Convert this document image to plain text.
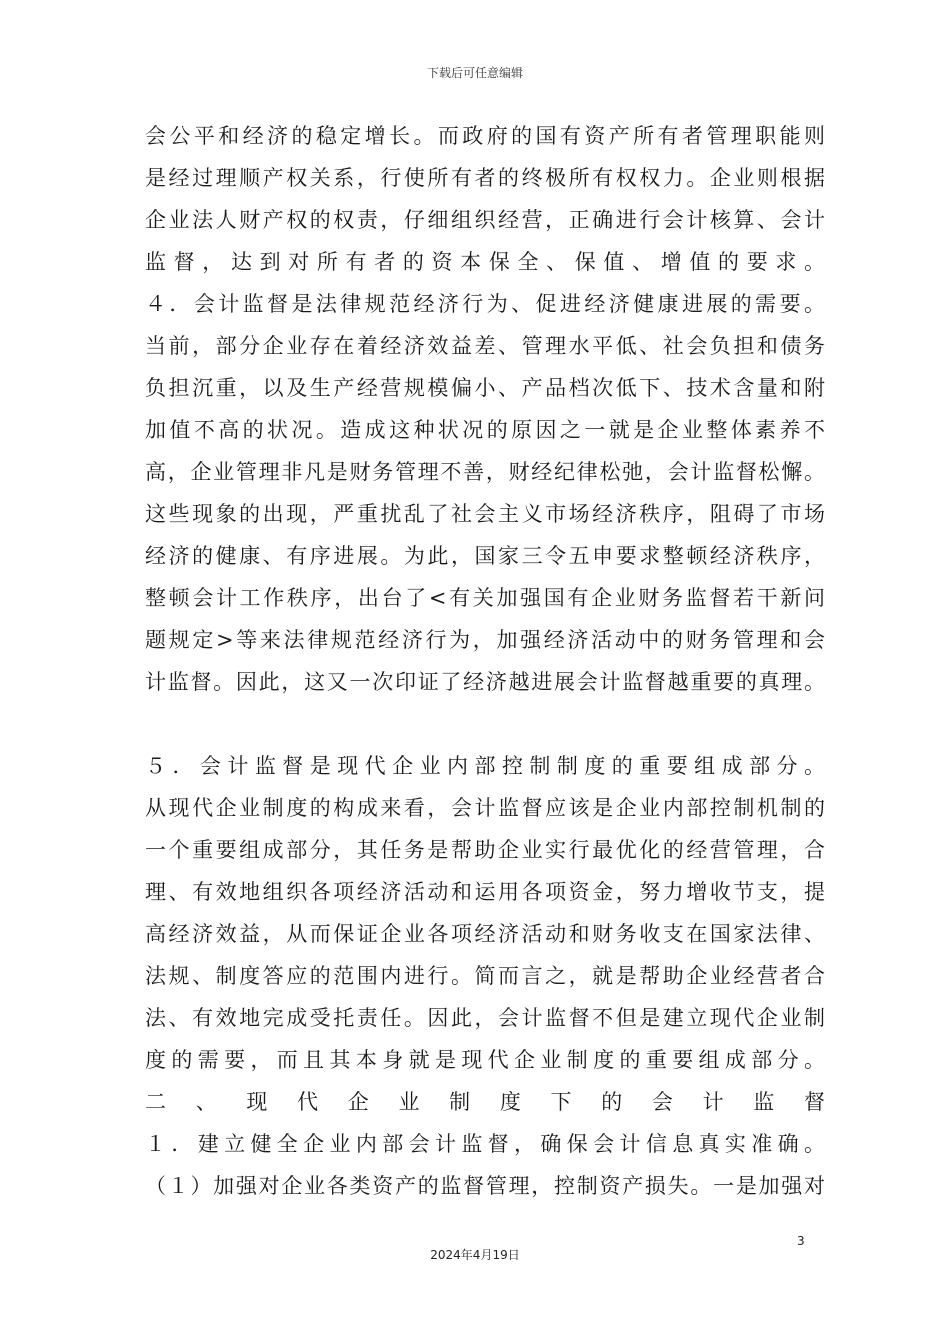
下载后可任意编辑
会公平和经济的稳定增长。而政府的国有资产所有者管理职能则
是经过理顺产权关系，行使所有者的终极所有权权力。企业则根据
企业法人财产权的权责，仔细组织经营，正确进行会计核算、会计
监督，达到对所有者的资本保全、保值、增值的要求。
４．会计监督是法律规范经济行为、促进经济健康进展的需要。
当前，部分企业存在着经济效益差、管理水平低、社会负担和债务
负担沉重，以及生产经营规模偏小、产品档次低下、技术含量和附
加值不高的状况。造成这种状况的原因之一就是企业整体素养不
高，企业管理非凡是财务管理不善，财经纪律松弛，会计监督松懈。
这些现象的出现，严重扰乱了社会主义市场经济秩序，阻碍了市场
经济的健康、有序进展。为此，国家三令五申要求整顿经济秩序，
整顿会计工作秩序，出台了<有关加强国有企业财务监督若干新问
题规定>等来法律规范经济行为，加强经济活动中的财务管理和会
计监督。因此，这又一次印证了经济越进展会计监督越重要的真理。
５．会计监督是现代企业内部控制制度的重要组成部分。
从现代企业制度的构成来看，会计监督应该是企业内部控制机制的
一个重要组成部分，其任务是帮助企业实行最优化的经营管理，合
理、有效地组织各项经济活动和运用各项资金，努力增收节支，提
高经济效益，从而保证企业各项经济活动和财务收支在国家法律、
法规、制度答应的范围内进行。简而言之，就是帮助企业经营者合
法、有效地完成受托责任。因此，会计监督不但是建立现代企业制
度的需要，而且其本身就是现代企业制度的重要组成部分。
二、现代企业制度下的会计监督
１．建立健全企业内部会计监督，确保会计信息真实准确。
（１）加强对企业各类资产的监督管理，控制资产损失。一是加强对
3
2024年4月19日
